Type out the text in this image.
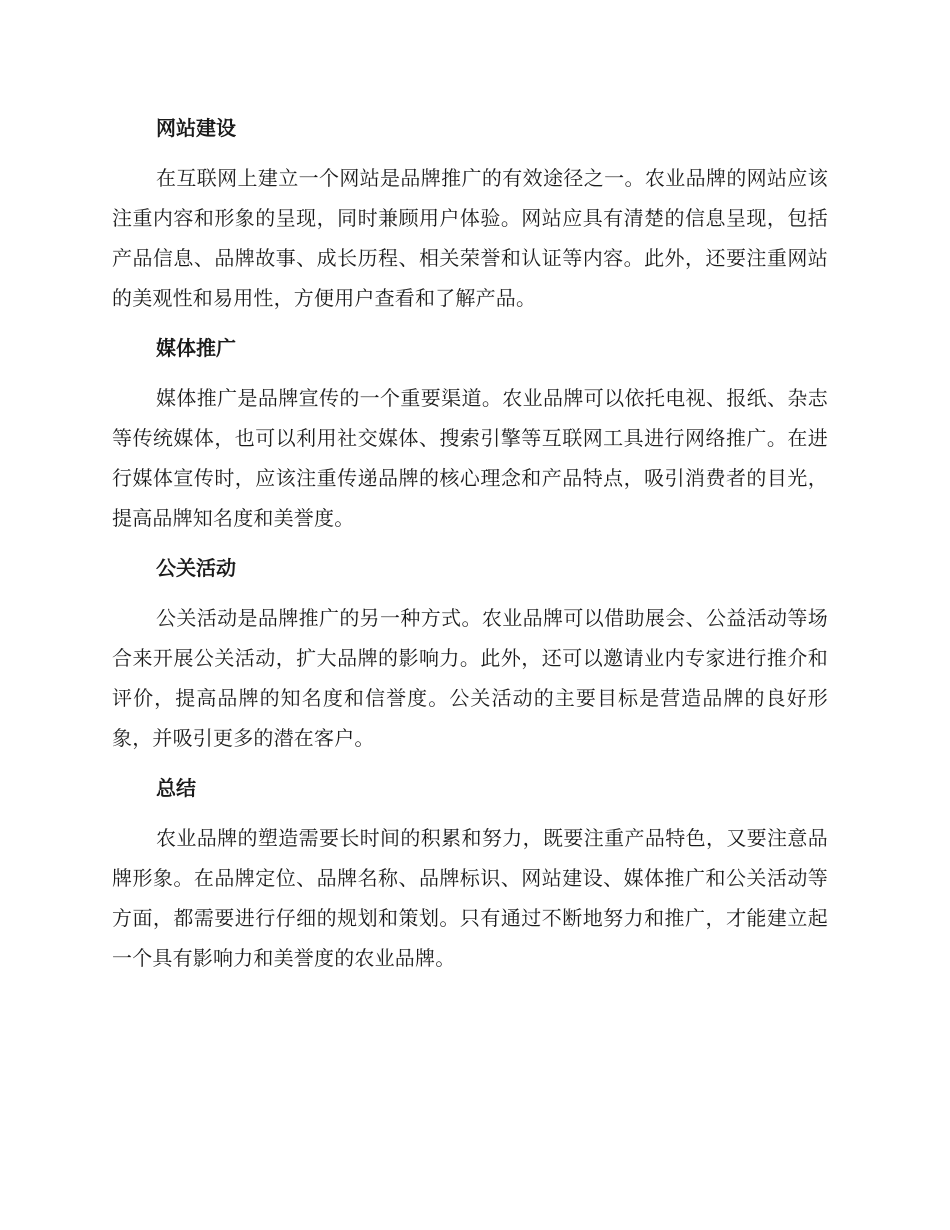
网站建设

在互联网上建立一个网站是品牌推广的有效途径之一。农业品牌的网站应该注重内容和形象的呈现，同时兼顾用户体验。网站应具有清楚的信息呈现，包括产品信息、品牌故事、成长历程、相关荣誉和认证等内容。此外，还要注重网站的美观性和易用性，方便用户查看和了解产品。

媒体推广

媒体推广是品牌宣传的一个重要渠道。农业品牌可以依托电视、报纸、杂志等传统媒体，也可以利用社交媒体、搜索引擎等互联网工具进行网络推广。在进行媒体宣传时，应该注重传递品牌的核心理念和产品特点，吸引消费者的目光，提高品牌知名度和美誉度。

公关活动

公关活动是品牌推广的另一种方式。农业品牌可以借助展会、公益活动等场合来开展公关活动，扩大品牌的影响力。此外，还可以邀请业内专家进行推介和评价，提高品牌的知名度和信誉度。公关活动的主要目标是营造品牌的良好形象，并吸引更多的潜在客户。

总结

农业品牌的塑造需要长时间的积累和努力，既要注重产品特色，又要注意品牌形象。在品牌定位、品牌名称、品牌标识、网站建设、媒体推广和公关活动等方面，都需要进行仔细的规划和策划。只有通过不断地努力和推广，才能建立起一个具有影响力和美誉度的农业品牌。
